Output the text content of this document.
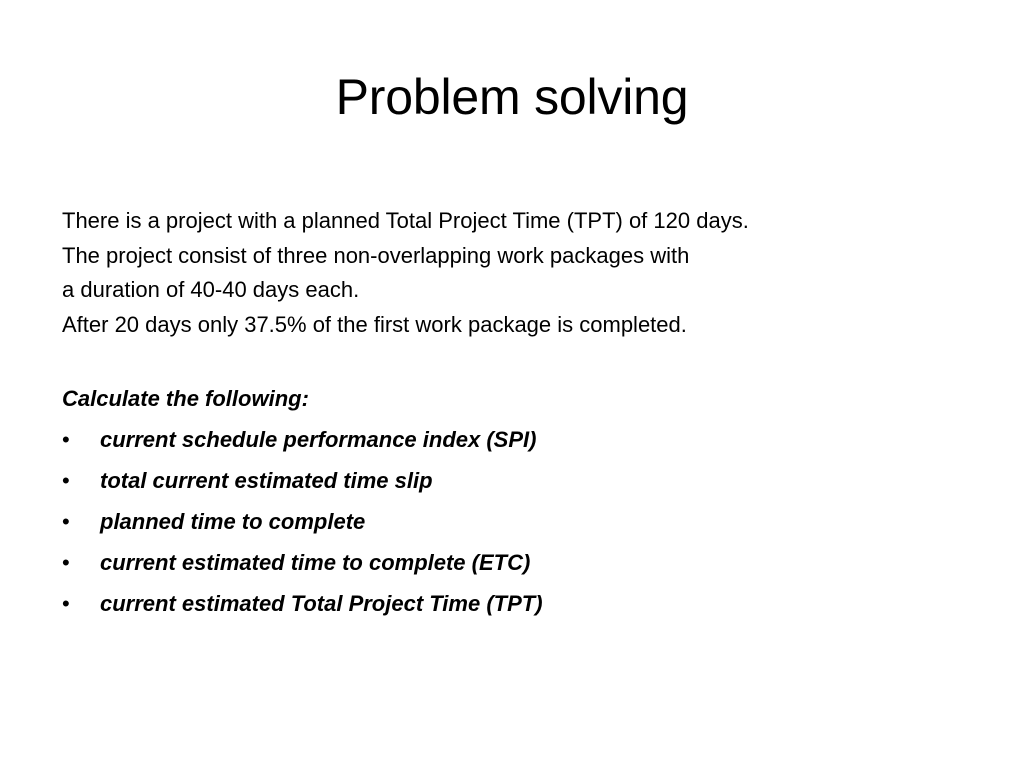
Problem solving

There is a project with a planned Total Project Time (TPT) of 120 days.
The project consist of three non-overlapping work packages with
a duration of 40-40 days each.
After 20 days only 37.5% of the first work package is completed.

Calculate the following:

•	current schedule performance index (SPI)
•	total current estimated time slip
•	planned time to complete
•	current estimated time to complete (ETC)
•	current estimated Total Project Time (TPT)
